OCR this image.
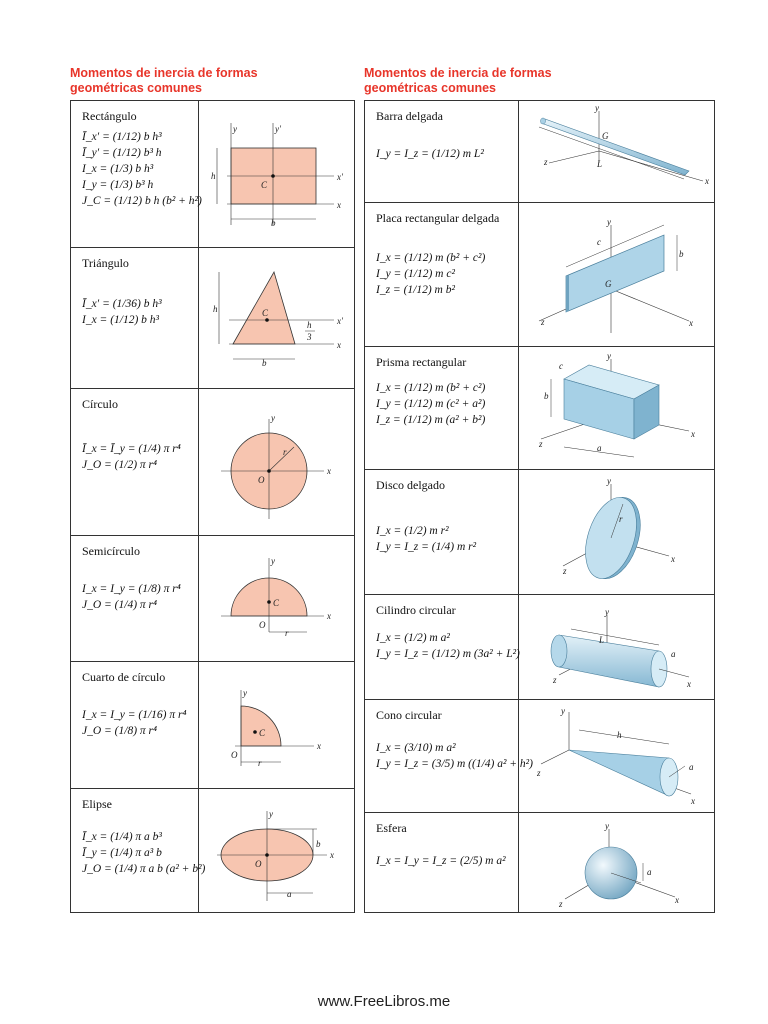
Momentos de inercia de formas
geométricas comunes
Momentos de inercia de formas
geométricas comunes
Rectángulo
Ī_x′ = (1/12) b h³
Ī_y′ = (1/12) b³ h
I_x = (1/3) b h³
I_y = (1/3) b³ h
J_C = (1/12) b h (b² + h²)
y	y′
x′
x
C
h
b
Triángulo
Ī_x′ = (1/36) b h³
I_x = (1/12) b h³
C
h
h
3
x′
x
b
Círculo
Ī_x = Ī_y = (1/4) π r⁴
J_O = (1/2) π r⁴
y
x
r
O
Semicírculo
I_x = I_y = (1/8) π r⁴
J_O = (1/4) π r⁴
y
x
C
O
r
Cuarto de círculo
I_x = I_y = (1/16) π r⁴
J_O = (1/8) π r⁴
y
x
C
O
r
Elipse
Ī_x = (1/4) π a b³
Ī_y = (1/4) π a³ b
J_O = (1/4) π a b (a² + b²)
y
x
b
O
a
Barra delgada
I_y = I_z = (1/12) m L²
y
G
L
z
x
Placa rectangular delgada
I_x = (1/12) m (b² + c²)
I_y = (1/12) m c²
I_z = (1/12) m b²
y
c
b
G
z	x
Prisma rectangular
I_x = (1/12) m (b² + c²)
I_y = (1/12) m (c² + a²)
I_z = (1/12) m (a² + b²)
y
c
b
a
z
x
Disco delgado
I_x = (1/2) m r²
I_y = I_z = (1/4) m r²
y
r
z
x
Cilindro circular
I_x = (1/2) m a²
I_y = I_z = (1/12) m (3a² + L²)
y
L
a
z	x
Cono circular
I_x = (3/10) m a²
I_y = I_z = (3/5) m ((1/4) a² + h²)
y
h
a
z
x
Esfera
I_x = I_y = I_z = (2/5) m a²
y
a
z	x
www.FreeLibros.me
